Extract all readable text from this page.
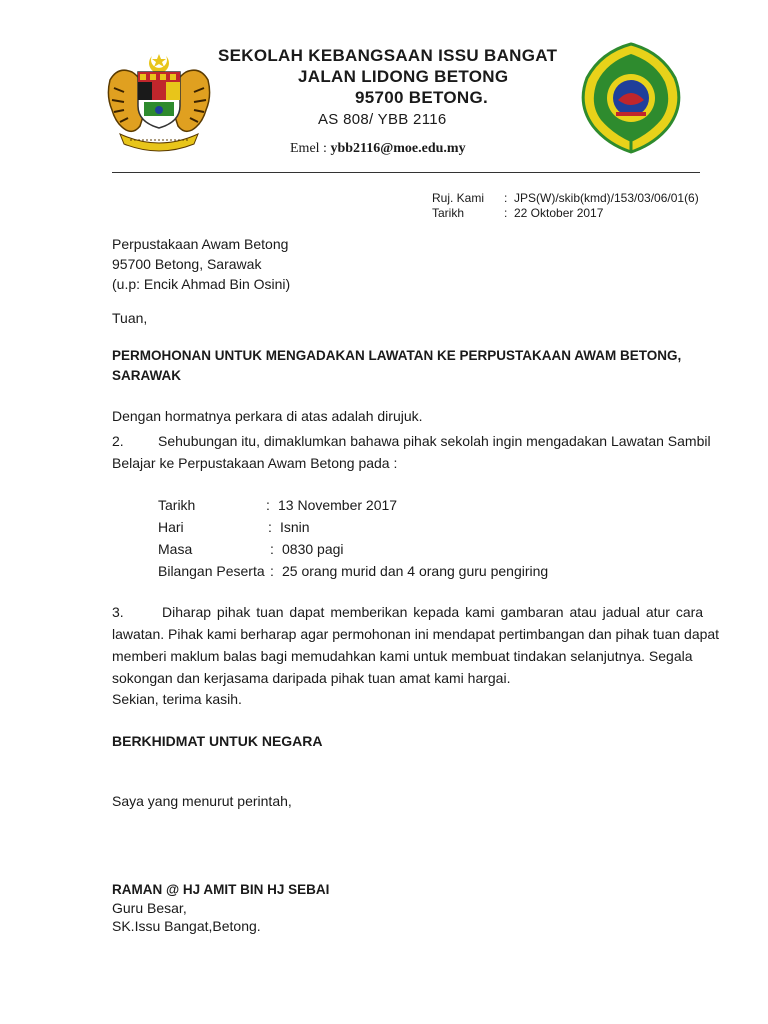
SEKOLAH KEBANGSAAN ISSU BANGAT
JALAN LIDONG BETONG
95700 BETONG.
AS 808/ YBB 2116
Emel : ybb2116@moe.edu.my
Ruj. Kami : JPS(W)/skib(kmd)/153/03/06/01(6)
Tarikh	: 22 Oktober 2017
Perpustakaan Awam Betong
95700 Betong, Sarawak
(u.p: Encik Ahmad Bin Osini)
Tuan,
PERMOHONAN UNTUK MENGADAKAN LAWATAN KE PERPUSTAKAAN AWAM BETONG,
SARAWAK
Dengan hormatnya perkara di atas adalah dirujuk.
2. Sehubungan itu, dimaklumkan bahawa pihak sekolah ingin mengadakan Lawatan Sambil
Belajar ke Perpustakaan Awam Betong pada :
Tarikh	: 13 November 2017
Hari	: Isnin
Masa	: 0830 pagi
Bilangan Peserta : 25 orang murid dan 4 orang guru pengiring
3.	Diharap pihak tuan dapat memberikan kepada kami gambaran atau jadual atur cara
lawatan. Pihak kami berharap agar permohonan ini mendapat pertimbangan dan pihak tuan dapat
memberi maklum balas bagi memudahkan kami untuk membuat tindakan selanjutnya. Segala
sokongan dan kerjasama daripada pihak tuan amat kami hargai.
Sekian, terima kasih.
BERKHIDMAT UNTUK NEGARA
Saya yang menurut perintah,
RAMAN @ HJ AMIT BIN HJ SEBAI
Guru Besar,
SK.Issu Bangat,Betong.
